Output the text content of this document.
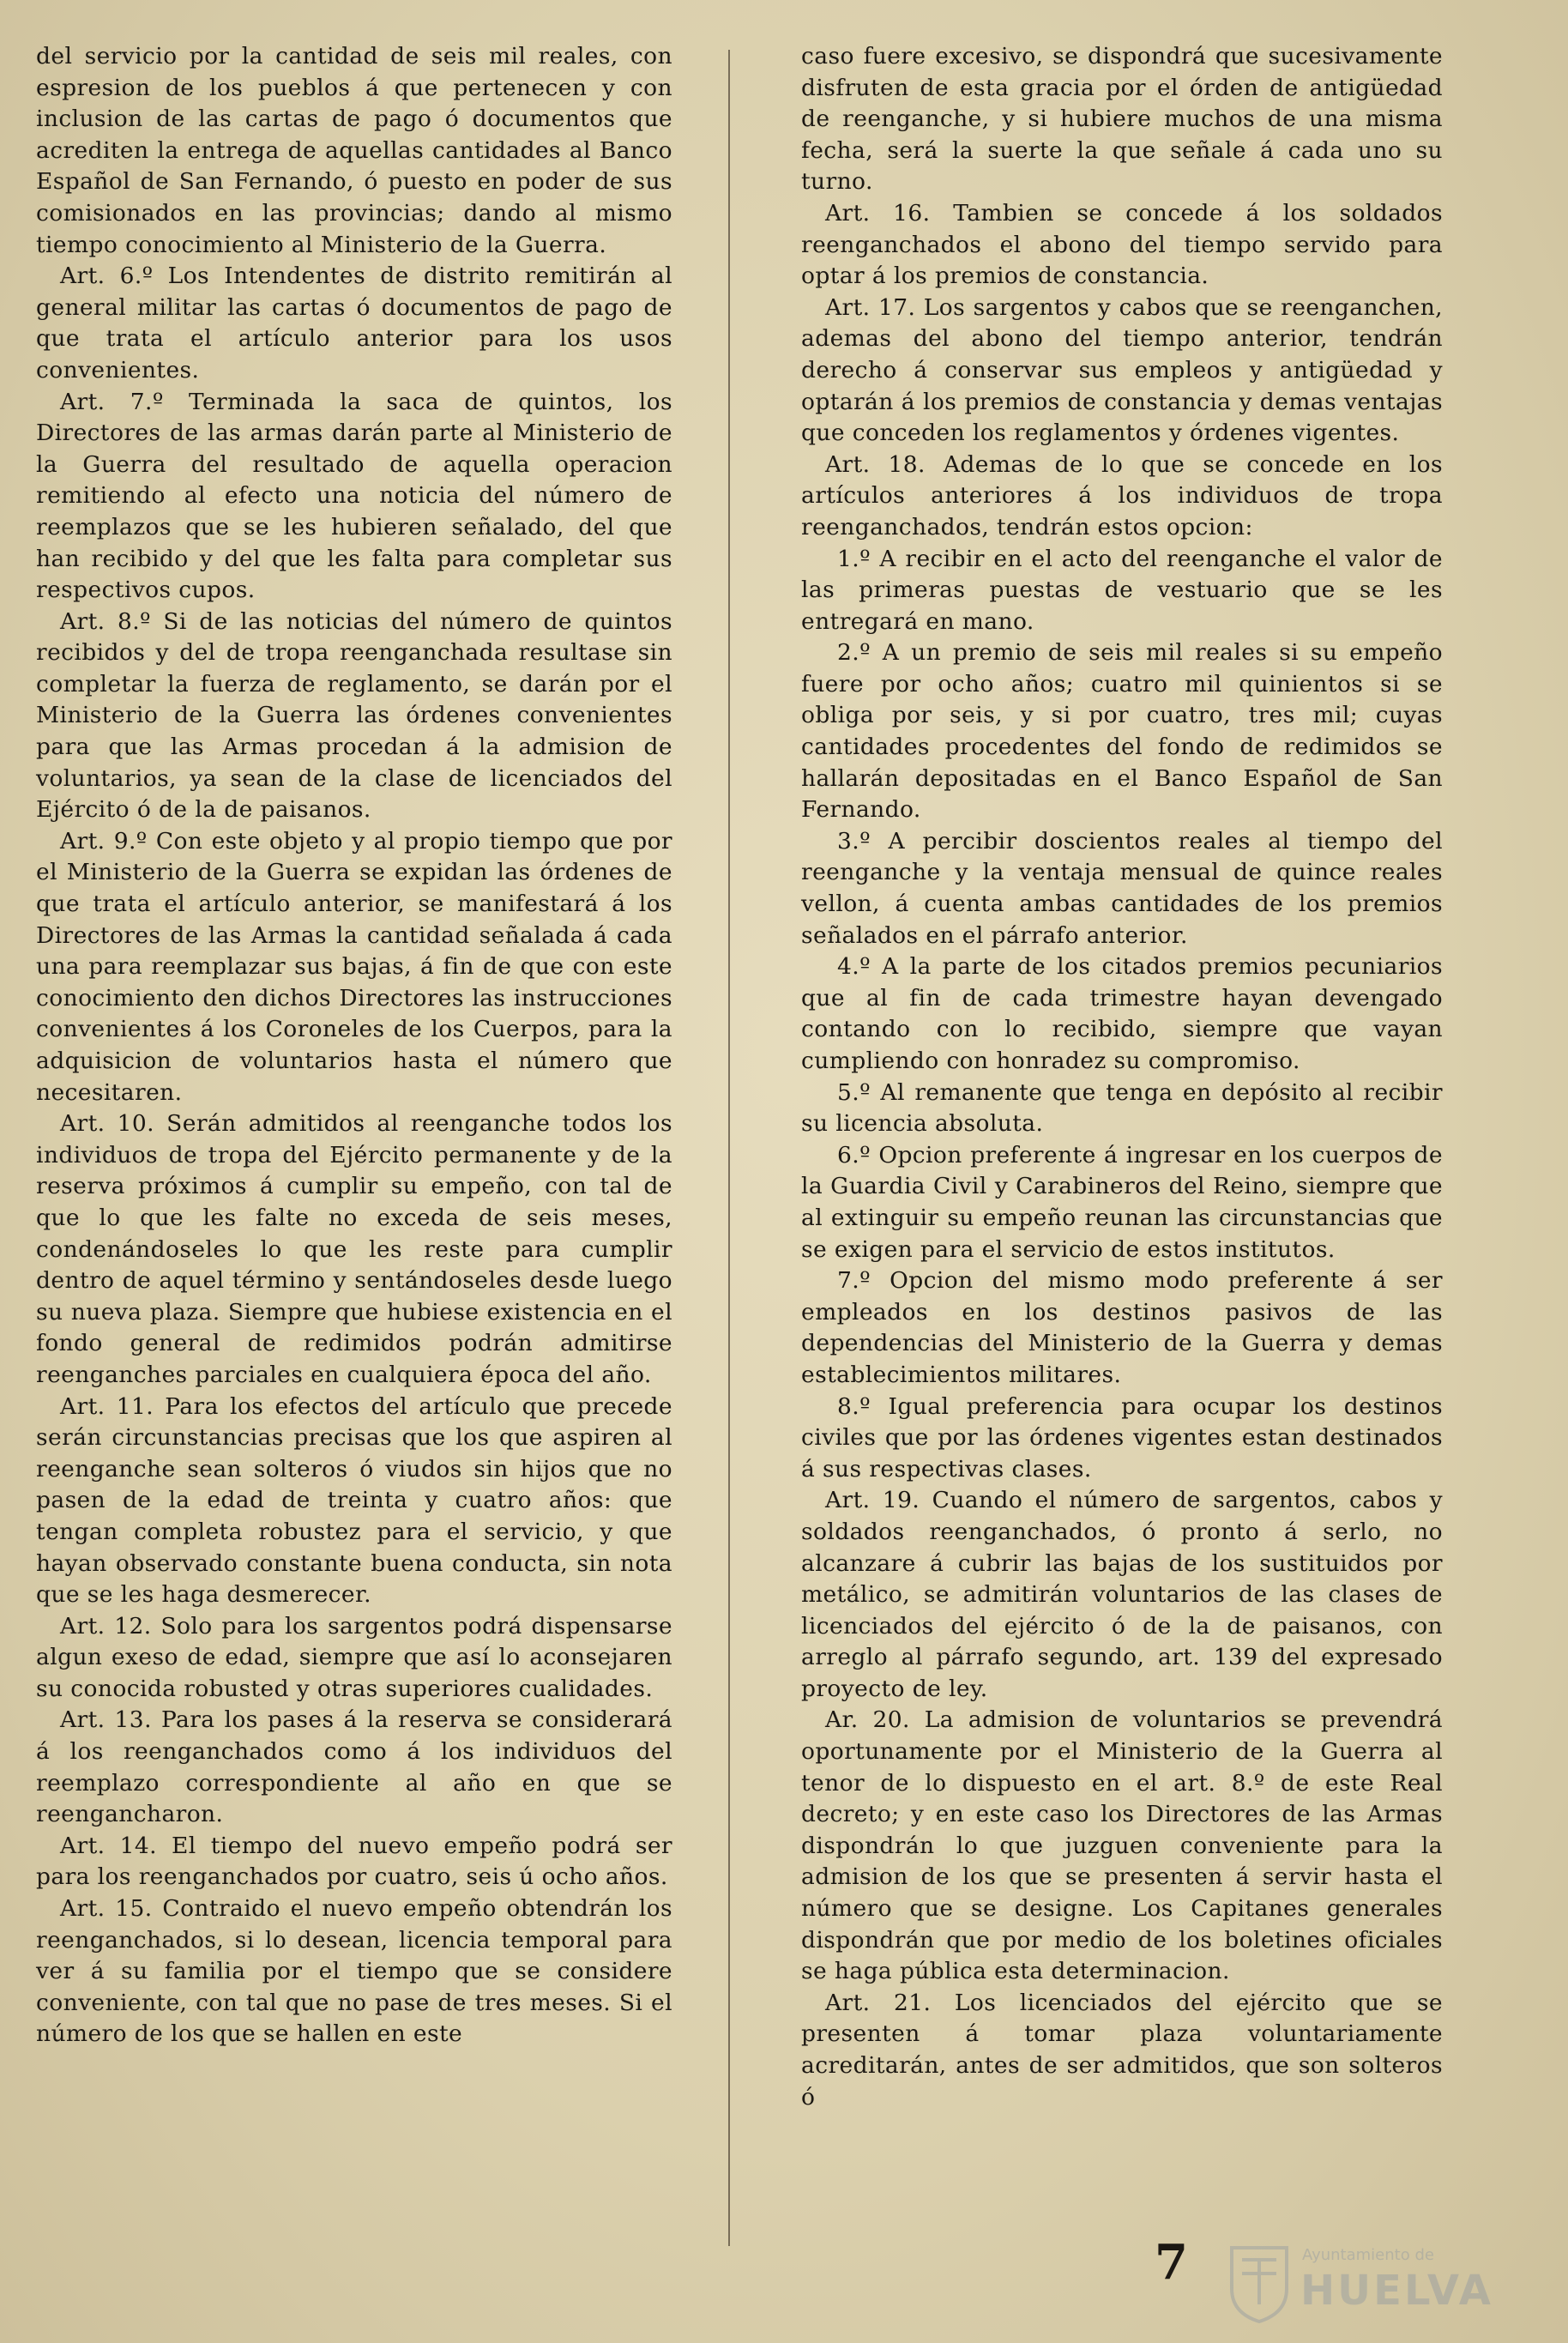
del servicio por la cantidad de seis mil reales, con espresion de los pueblos á que pertenecen y con inclusion de las cartas de pago ó documentos que acrediten la entrega de aquellas cantidades al Banco Español de San Fernando, ó puesto en poder de sus comisionados en las provincias; dando al mismo tiempo conocimiento al Ministerio de la Guerra.

Art. 6.º Los Intendentes de distrito remitirán al general militar las cartas ó documentos de pago de que trata el artículo anterior para los usos convenientes.

Art. 7.º Terminada la saca de quintos, los Directores de las armas darán parte al Ministerio de la Guerra del resultado de aquella operacion remitiendo al efecto una noticia del número de reemplazos que se les hubieren señalado, del que han recibido y del que les falta para completar sus respectivos cupos.

Art. 8.º Si de las noticias del número de quintos recibidos y del de tropa reenganchada resultase sin completar la fuerza de reglamento, se darán por el Ministerio de la Guerra las órdenes convenientes para que las Armas procedan á la admision de voluntarios, ya sean de la clase de licenciados del Ejército ó de la de paisanos.

Art. 9.º Con este objeto y al propio tiempo que por el Ministerio de la Guerra se expidan las órdenes de que trata el artículo anterior, se manifestará á los Directores de las Armas la cantidad señalada á cada una para reemplazar sus bajas, á fin de que con este conocimiento den dichos Directores las instrucciones convenientes á los Coroneles de los Cuerpos, para la adquisicion de voluntarios hasta el número que necesitaren.

Art. 10. Serán admitidos al reenganche todos los individuos de tropa del Ejército permanente y de la reserva próximos á cumplir su empeño, con tal de que lo que les falte no exceda de seis meses, condenándoseles lo que les reste para cumplir dentro de aquel término y sentándoseles desde luego su nueva plaza. Siempre que hubiese existencia en el fondo general de redimidos podrán admitirse reenganches parciales en cualquiera época del año.

Art. 11. Para los efectos del artículo que precede serán circunstancias precisas que los que aspiren al reenganche sean solteros ó viudos sin hijos que no pasen de la edad de treinta y cuatro años: que tengan completa robustez para el servicio, y que hayan observado constante buena conducta, sin nota que se les haga desmerecer.

Art. 12. Solo para los sargentos podrá dispensarse algun exeso de edad, siempre que así lo aconsejaren su conocida robusted y otras superiores cualidades.

Art. 13. Para los pases á la reserva se considerará á los reenganchados como á los individuos del reemplazo correspondiente al año en que se reengancharon.

Art. 14. El tiempo del nuevo empeño podrá ser para los reenganchados por cuatro, seis ú ocho años.

Art. 15. Contraido el nuevo empeño obtendrán los reenganchados, si lo desean, licencia temporal para ver á su familia por el tiempo que se considere conveniente, con tal que no pase de tres meses. Si el número de los que se hallen en este

caso fuere excesivo, se dispondrá que sucesivamente disfruten de esta gracia por el órden de antigüedad de reenganche, y si hubiere muchos de una misma fecha, será la suerte la que señale á cada uno su turno.

Art. 16. Tambien se concede á los soldados reenganchados el abono del tiempo servido para optar á los premios de constancia.

Art. 17. Los sargentos y cabos que se reenganchen, ademas del abono del tiempo anterior, tendrán derecho á conservar sus empleos y antigüedad y optarán á los premios de constancia y demas ventajas que conceden los reglamentos y órdenes vigentes.

Art. 18. Ademas de lo que se concede en los artículos anteriores á los individuos de tropa reenganchados, tendrán estos opcion:

1.º A recibir en el acto del reenganche el valor de las primeras puestas de vestuario que se les entregará en mano.

2.º A un premio de seis mil reales si su empeño fuere por ocho años; cuatro mil quinientos si se obliga por seis, y si por cuatro, tres mil; cuyas cantidades procedentes del fondo de redimidos se hallarán depositadas en el Banco Español de San Fernando.

3.º A percibir doscientos reales al tiempo del reenganche y la ventaja mensual de quince reales vellon, á cuenta ambas cantidades de los premios señalados en el párrafo anterior.

4.º A la parte de los citados premios pecuniarios que al fin de cada trimestre hayan devengado contando con lo recibido, siempre que vayan cumpliendo con honradez su compromiso.

5.º Al remanente que tenga en depósito al recibir su licencia absoluta.

6.º Opcion preferente á ingresar en los cuerpos de la Guardia Civil y Carabineros del Reino, siempre que al extinguir su empeño reunan las circunstancias que se exigen para el servicio de estos institutos.

7.º Opcion del mismo modo preferente á ser empleados en los destinos pasivos de las dependencias del Ministerio de la Guerra y demas establecimientos militares.

8.º Igual preferencia para ocupar los destinos civiles que por las órdenes vigentes estan destinados á sus respectivas clases.

Art. 19. Cuando el número de sargentos, cabos y soldados reenganchados, ó pronto á serlo, no alcanzare á cubrir las bajas de los sustituidos por metálico, se admitirán voluntarios de las clases de licenciados del ejército ó de la de paisanos, con arreglo al párrafo segundo, art. 139 del expresado proyecto de ley.

Ar. 20. La admision de voluntarios se prevendrá oportunamente por el Ministerio de la Guerra al tenor de lo dispuesto en el art. 8.º de este Real decreto; y en este caso los Directores de las Armas dispondrán lo que juzguen conveniente para la admision de los que se presenten á servir hasta el número que se designe. Los Capitanes generales dispondrán que por medio de los boletines oficiales se haga pública esta determinacion.

Art. 21. Los licenciados del ejército que se presenten á tomar plaza voluntariamente acreditarán, antes de ser admitidos, que son solteros ó

7	Ayuntamiento de
HUELVA
